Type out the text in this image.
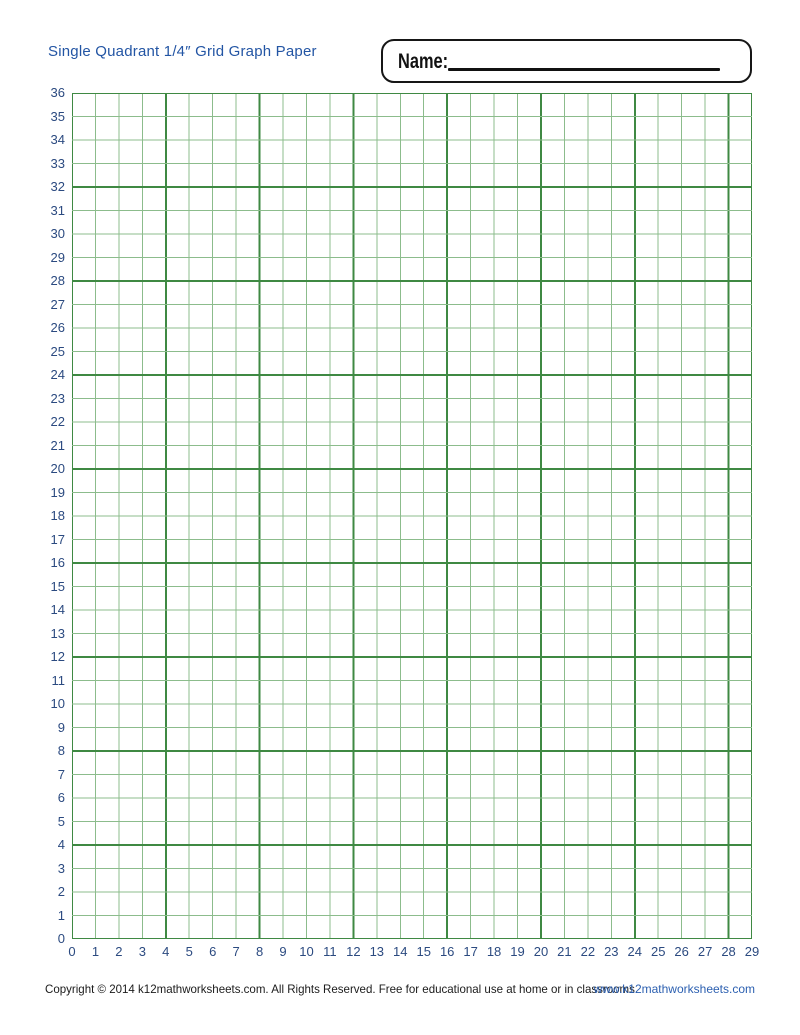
Single Quadrant 1/4″ Grid Graph Paper	Name:
36
35
34
33
32
31
30
29
28
27
26
25
24
23
22
21
20
19
18
17
16
15
14
13
12
11
10
9
8
7
6
5
4
3
2
1
0
0	1	2	3	4	5	6	7	8	9 10 11 12 13 14 15 16 17 18 19 20 21 22 23 24 25 26 27 28 29
Copyright © 2014 k12mathworksheets.com. All Rights Reserved. Free for educational use at home or in classrooms.
www.k12mathworksheets.com
